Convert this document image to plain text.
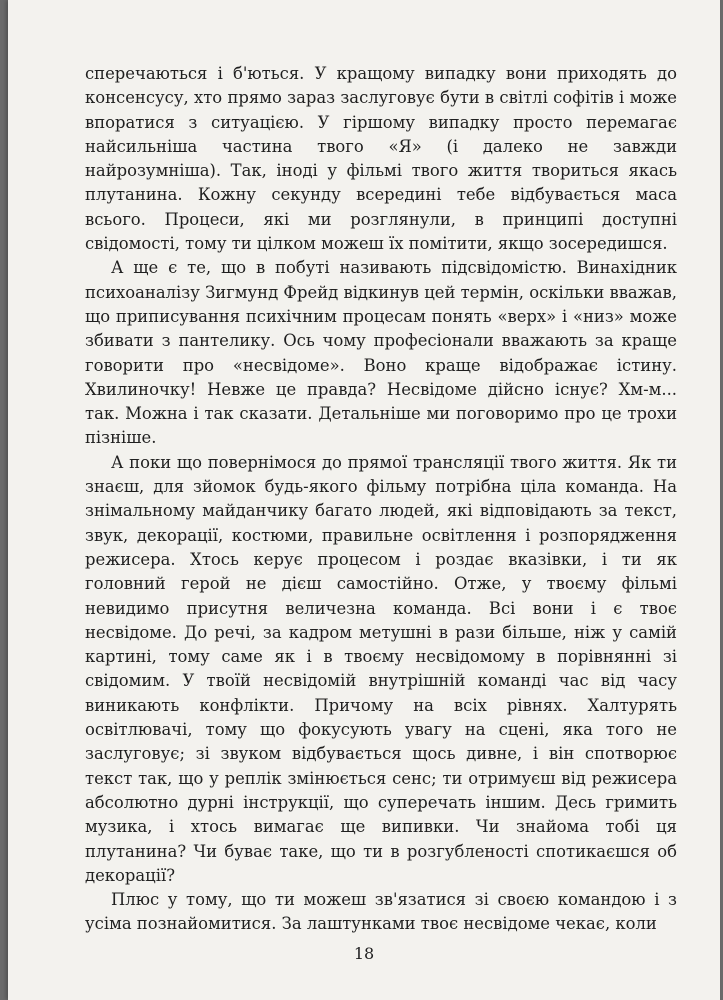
сперечаються і б'ються. У кращому випадку вони приходять до консенсусу, хто прямо зараз заслуговує бути в світлі софітів і може впоратися з ситуацією. У гіршому випадку просто перемагає найсильніша частина твого «Я» (і далеко не завжди найрозумніша). Так, іноді у фільмі твого життя твориться якась плутанина. Кожну секунду всередині тебе відбувається маса всього. Процеси, які ми розглянули, в принципі доступні свідомості, тому ти цілком можеш їх помітити, якщо зосередишся.

А ще є те, що в побуті називають підсвідомістю. Винахідник психоаналізу Зигмунд Фрейд відкинув цей термін, оскільки вважав, що приписування психічним процесам понять «верх» і «низ» може збивати з пантелику. Ось чому професіонали вважають за краще говорити про «несвідоме». Воно краще відображає істину. Хвилиночку! Невже це правда? Несвідоме дійсно існує? Хм-м... так. Можна і так сказати. Детальніше ми поговоримо про це трохи пізніше.

А поки що повернімося до прямої трансляції твого життя. Як ти знаєш, для зйомок будь-якого фільму потрібна ціла команда. На знімальному майданчику багато людей, які відповідають за текст, звук, декорації, костюми, правильне освітлення і розпорядження режисера. Хтось керує процесом і роздає вказівки, і ти як головний герой не дієш самостійно. Отже, у твоєму фільмі невидимо присутня величезна команда. Всі вони і є твоє несвідоме. До речі, за кадром метушні в рази більше, ніж у самій картині, тому саме як і в твоєму несвідомому в порівнянні зі свідомим. У твоїй несвідомій внутрішній команді час від часу виникають конфлікти. Причому на всіх рівнях. Халтурять освітлювачі, тому що фокусують увагу на сцені, яка того не заслуговує; зі звуком відбувається щось дивне, і він спотворює текст так, що у реплік змінюється сенс; ти отримуєш від режисера абсолютно дурні інструкції, що суперечать іншим. Десь гримить музика, і хтось вимагає ще випивки. Чи знайома тобі ця плутанина? Чи буває таке, що ти в розгубленості спотикаєшся об декорації?

Плюс у тому, що ти можеш зв'язатися зі своєю командою і з усіма познайомитися. За лаштунками твоє несвідоме чекає, коли

18
